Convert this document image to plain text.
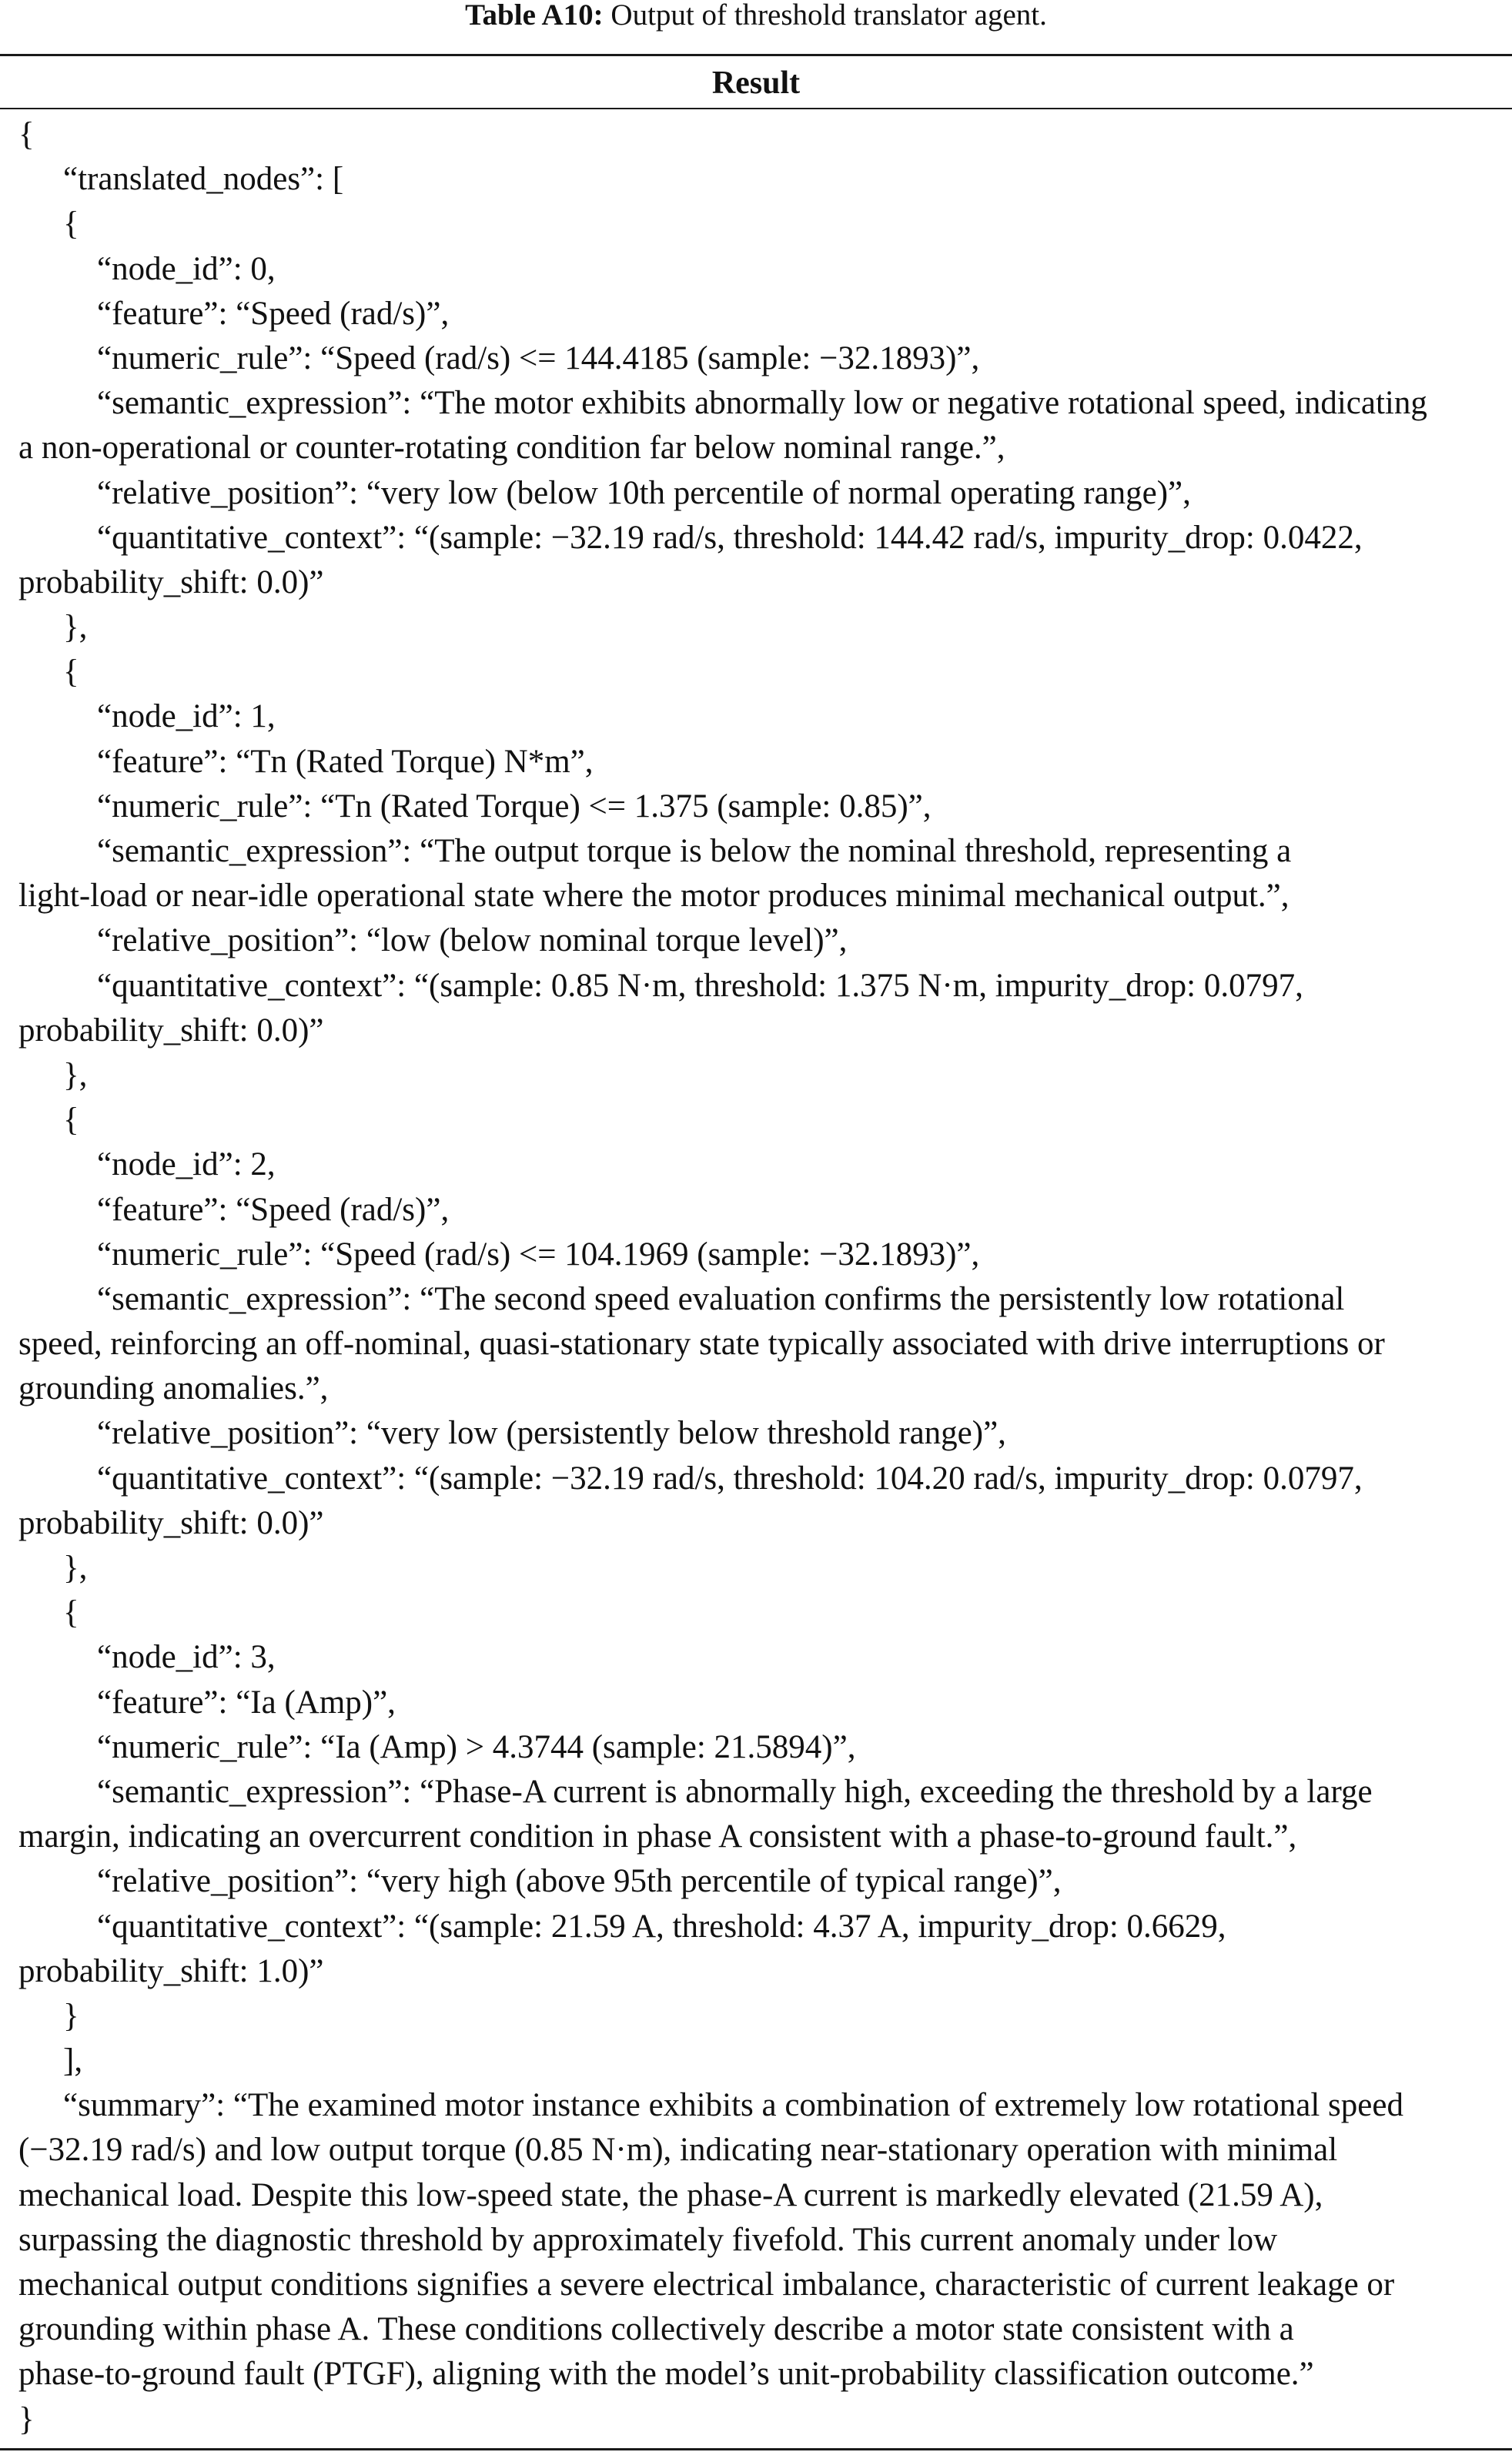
Table A10: Output of threshold translator agent.
Result
{
“translated_nodes”: [
{
“node_id”: 0,
“feature”: “Speed (rad/s)”,
“numeric_rule”: “Speed (rad/s) <= 144.4185 (sample: −32.1893)”,
“semantic_expression”: “The motor exhibits abnormally low or negative rotational speed, indicating
a non-operational or counter-rotating condition far below nominal range.”,
“relative_position”: “very low (below 10th percentile of normal operating range)”,
“quantitative_context”: “(sample: −32.19 rad/s, threshold: 144.42 rad/s, impurity_drop: 0.0422,
probability_shift: 0.0)”
},
{
“node_id”: 1,
“feature”: “Tn (Rated Torque) N*m”,
“numeric_rule”: “Tn (Rated Torque) <= 1.375 (sample: 0.85)”,
“semantic_expression”: “The output torque is below the nominal threshold, representing a
light-load or near-idle operational state where the motor produces minimal mechanical output.”,
“relative_position”: “low (below nominal torque level)”,
“quantitative_context”: “(sample: 0.85 N·m, threshold: 1.375 N·m, impurity_drop: 0.0797,
probability_shift: 0.0)”
},
{
“node_id”: 2,
“feature”: “Speed (rad/s)”,
“numeric_rule”: “Speed (rad/s) <= 104.1969 (sample: −32.1893)”,
“semantic_expression”: “The second speed evaluation confirms the persistently low rotational
speed, reinforcing an off-nominal, quasi-stationary state typically associated with drive interruptions or
grounding anomalies.”,
“relative_position”: “very low (persistently below threshold range)”,
“quantitative_context”: “(sample: −32.19 rad/s, threshold: 104.20 rad/s, impurity_drop: 0.0797,
probability_shift: 0.0)”
},
{
“node_id”: 3,
“feature”: “Ia (Amp)”,
“numeric_rule”: “Ia (Amp) > 4.3744 (sample: 21.5894)”,
“semantic_expression”: “Phase-A current is abnormally high, exceeding the threshold by a large
margin, indicating an overcurrent condition in phase A consistent with a phase-to-ground fault.”,
“relative_position”: “very high (above 95th percentile of typical range)”,
“quantitative_context”: “(sample: 21.59 A, threshold: 4.37 A, impurity_drop: 0.6629,
probability_shift: 1.0)”
}
],
“summary”: “The examined motor instance exhibits a combination of extremely low rotational speed
(−32.19 rad/s) and low output torque (0.85 N·m), indicating near-stationary operation with minimal
mechanical load. Despite this low-speed state, the phase-A current is markedly elevated (21.59 A),
surpassing the diagnostic threshold by approximately fivefold. This current anomaly under low
mechanical output conditions signifies a severe electrical imbalance, characteristic of current leakage or
grounding within phase A. These conditions collectively describe a motor state consistent with a
phase-to-ground fault (PTGF), aligning with the model’s unit-probability classification outcome.”
}
